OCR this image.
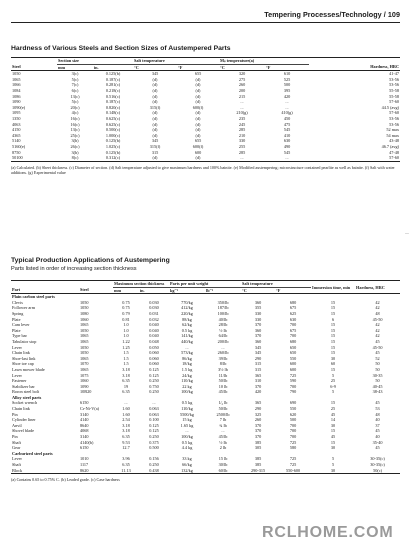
Tempering Processes/Technology / 109
Hardness of Various Steels and Section Sizes of Austempered Parts
	Section size		Salt temperature		Mₛ temperature(a)		
Steel	mm	in.	°C	°F	°C	°F	Hardness, HRC
1050	3(c)	0.125(b)	345	655	320	610	41-47
1065	5(c)	0.187(c)	(d)	(d)	275	525	53-56
1066	7(c)	0.281(c)	(d)	(d)	260	500	53-56
1084	6(c)	0.218(c)	(d)	(d)	200	395	55-58
1086	13(c)	0.516(c)	(d)	(d)	215	420	55-58
1090	5(c)	0.187(c)	(d)	(d)	...	...	57-60
1090(e)	20(c)	0.820(c)	315(f)	600(f)	...	...	44.5 (avg)
1095	4(c)	0.148(c)	(d)	(d)	210(g)	410(g)	57-60
1350	16(c)	0.625(c)	(d)	(d)	235	450	53-56
4063	16(c)	0.625(c)	(d)	(d)	245	475	53-56
4150	13(c)	0.500(c)	(d)	(d)	285	545	52 max
4365	25(c)	1.000(c)	(d)	(d)	210	410	54 max
5140	3(b)	0.125(b)	345	655	330	630	43-48
5160(e)	26(c)	1.025(c)	315(f)	600(f)	255	490	46.7 (avg)
8750	3(b)	0.125(b)	315	600	285	545	47-48
50100	8(c)	0.312(c)	(d)	(d)	...	...	57-60
(a) Calculated. (b) Sheet thickness. (c) Diameter of section. (d) Salt temperature adjusted to give maximum hardness and 100% bainite. (e) Modified austempering; microstructure contained pearlite as well as bainite. (f) Salt with water additions. (g) Experimental value
Typical Production Applications of Austempering
Parts listed in order of increasing section thickness
		Maximum section thickness		Parts per unit weight		Salt temperature		Immersion time, min	Hardness, HRC
Part	Steel	mm	in.	kg⁻¹	lb⁻¹	°C	°F		
Plain carbon steel parts									
Clevis	1050	0.75	0.030	770/kg	350/lb	360	680	15	42
Follower arm	1050	0.75	0.030	412/kg	187/lb	355	675	15	42
Spring	1080	0.79	0.031	220/kg	100/lb	330	625	15	48
Plate	1060	0.81	0.032	88/kg	40/lb	330	630	6	45-50
Cam lever	1065	1.0	0.040	62/kg	28/lb	370	700	15	42
Plate	1050	1.0	0.040	0.5 kg	½ lb	360	675	15	42
Type bar	1065	1.0	0.040	141/kg	64/lb	370	700	15	42
Tabulator stop	1065	1.22	0.048	440/kg	200/lb	360	680	15	45
Lever	1050	1.25	0.050	...	...	345	650	15	45-50
Chain link	1050	1.5	0.060	573/kg	260/lb	345	650	15	45
Shoe-last link	1065	1.5	0.060	86/kg	39/lb	290	550	30	52
Shoe toe cap	1070	1.5	0.060	18/kg	8/lb	315	600	60	50
Lawn mower blade	1065	3.18	0.125	1.5 kg	3½ lb	315	600	15	50
Lever	1075	3.18	0.125	24/kg	11/lb	365	725	5	30-35
Fastener	1060	6.35	0.250	110/kg	50/lb	310	590	25	50
Stabilizer bar	1090	19	0.750	22 kg	10 lb	370	700	6-9	40-45
Boron steel bolt	10B20	6.35	0.250	100/kg	45/lb	420	790	5	38-43
Alloy steel parts									
Socket wrench	6150	...	...	0.5 kg	1⁄₂ lb	365	690	15	45
Chain link	Cr-Ni-V(a)	1.60	0.063	110/kg	50/lb	290	550	25	53
Pin	3140	1.60	0.063	5500/kg	2500/lb	325	620	45	48
Cylinder liner	4140	2.54	0.100	15 kg	7 lb	260	500	14	40
Anvil	8640	3.18	0.125	1.65 kg	¾ lb	370	700	30	37
Shovel blade	4068	3.18	0.125	...	...	370	700	15	45
Pin	3140	6.35	0.250	100/kg	45/lb	370	700	45	40
Shaft	4140(b)	9.53	0.375	0.5 kg	½ lb	385	725	15	35-40
Gear	6150	12.7	0.500	4.4 kg	2 lb	305	580	30	45
Carburized steel parts									
Lever	1010	3.96	0.156	33 kg	15 lb	385	725	5	30-35(c)
Shaft	1117	6.35	0.250	66/kg	30/lb	385	725	5	30-35(c)
Block	8620	11.13	0.438	132/kg	60/lb	290-315	550-600	30	50(c)
(a) Contains 0.65 to 0.75% C. (b) Leaded grade. (c) Case hardness
│
RCLHOME.COM
